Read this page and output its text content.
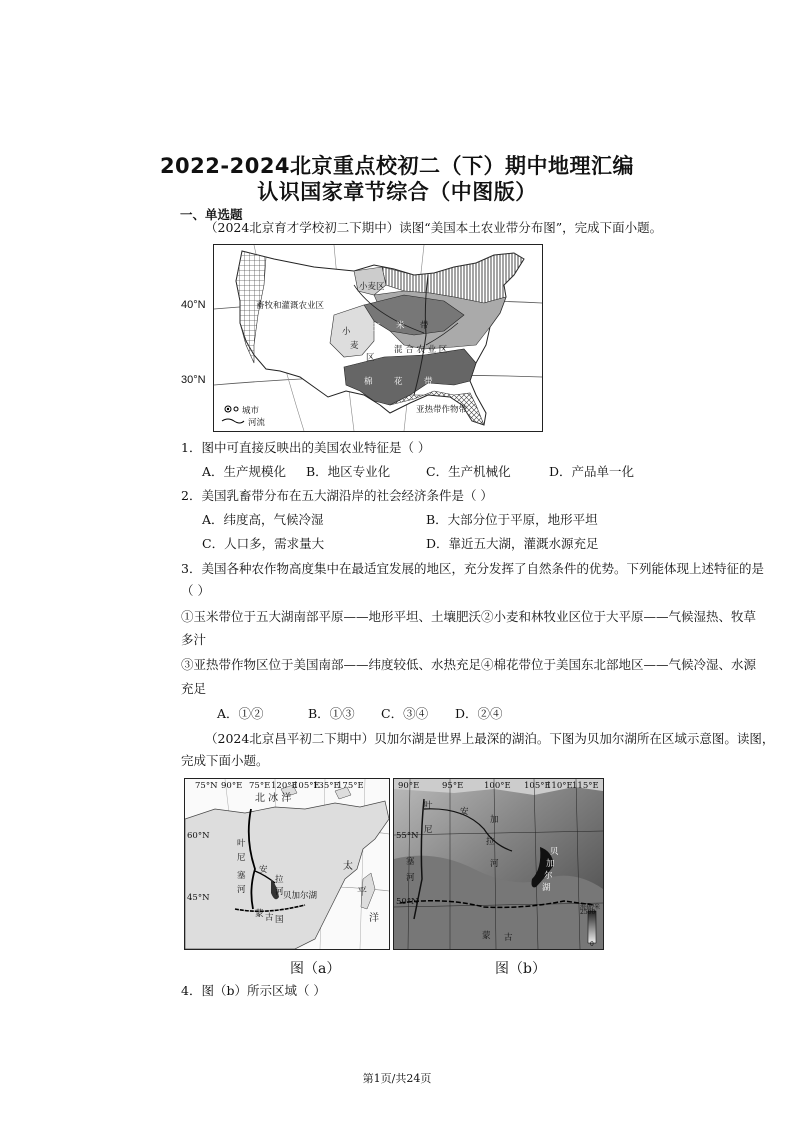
2022-2024北京重点校初二（下）期中地理汇编
认识国家章节综合（中图版）
一、单选题
（2024北京育才学校初二下期中）读图“美国本土农业带分布图”，完成下面小题。
40°N
30°N
畜牧和灌溉农业区
小麦区
玉 米 带
混 合 农 业 区
小
麦
区
棉	花	带
亚热带作物带
城市
河流
1．图中可直接反映出的美国农业特征是（ ）
A．生产规模化 B．地区专业化	C．生产机械化	D．产品单一化
2．美国乳畜带分布在五大湖沿岸的社会经济条件是（ ）
A．纬度高，气候冷湿	B．大部分位于平原，地形平坦
C．人口多，需求量大	D．靠近五大湖，灌溉水源充足
3．美国各种农作物高度集中在最适宜发展的地区，充分发挥了自然条件的优势。下列能体现上述特征的是
（ ）
①玉米带位于五大湖南部平原——地形平坦、土壤肥沃②小麦和林牧业区位于大平原——气候湿热、牧草
多汁
③亚热带作物区位于美国南部——纬度较低、水热充足④棉花带位于美国东北部地区——气候冷湿、水源
充足
A．①②	B．①③ C．③④ D．②④
（2024北京昌平初二下期中）贝加尔湖是世界上最深的湖泊。下图为贝加尔湖所在区域示意图。读图，
完成下面小题。
75°N 90°E 75°E 120°E
105°E
135°E
175°E
北 冰 洋
60°N
45°N
叶
尼
塞
河
安
拉
河 贝加尔湖
蒙 古 国
太
平
洋
90°E	95°E 100°E 105°E
110°E 115°E
55°N
50°N
叶
尼
塞
河
安
加
拉
河
贝
加
尔
湖
蒙 古
海拔/米
2500
0
图（a）	图（b）
4．图（b）所示区域（ ）
第1页/共24页
